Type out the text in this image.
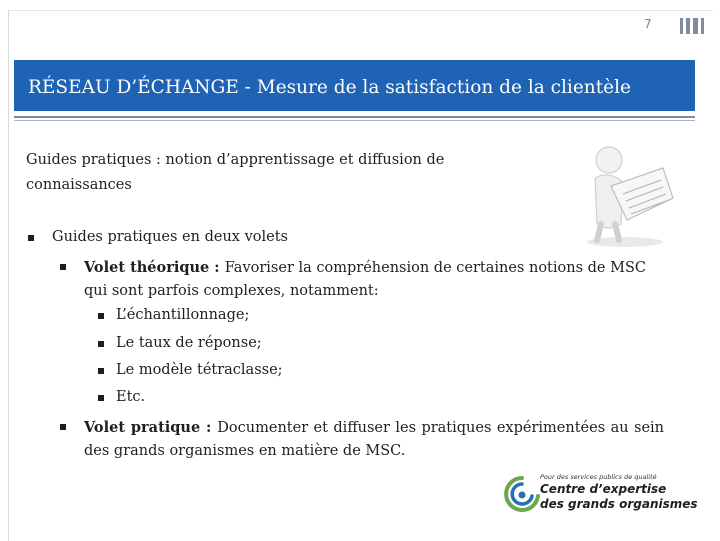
7
RÉSEAU D’ÉCHANGE - Mesure de la satisfaction de la clientèle
Guides pratiques : notion d’apprentissage et diffusion de connaissances
Guides pratiques en deux volets
Volet théorique : Favoriser la compréhension de certaines notions de MSC qui sont parfois complexes, notamment:
L’échantillonnage;
Le taux de réponse;
Le modèle tétraclasse;
Etc.
Volet pratique : Documenter et diffuser les pratiques expérimentées au sein des grands organismes en matière de MSC.
Pour des services publics de qualité
Centre d’expertise
des grands organismes
